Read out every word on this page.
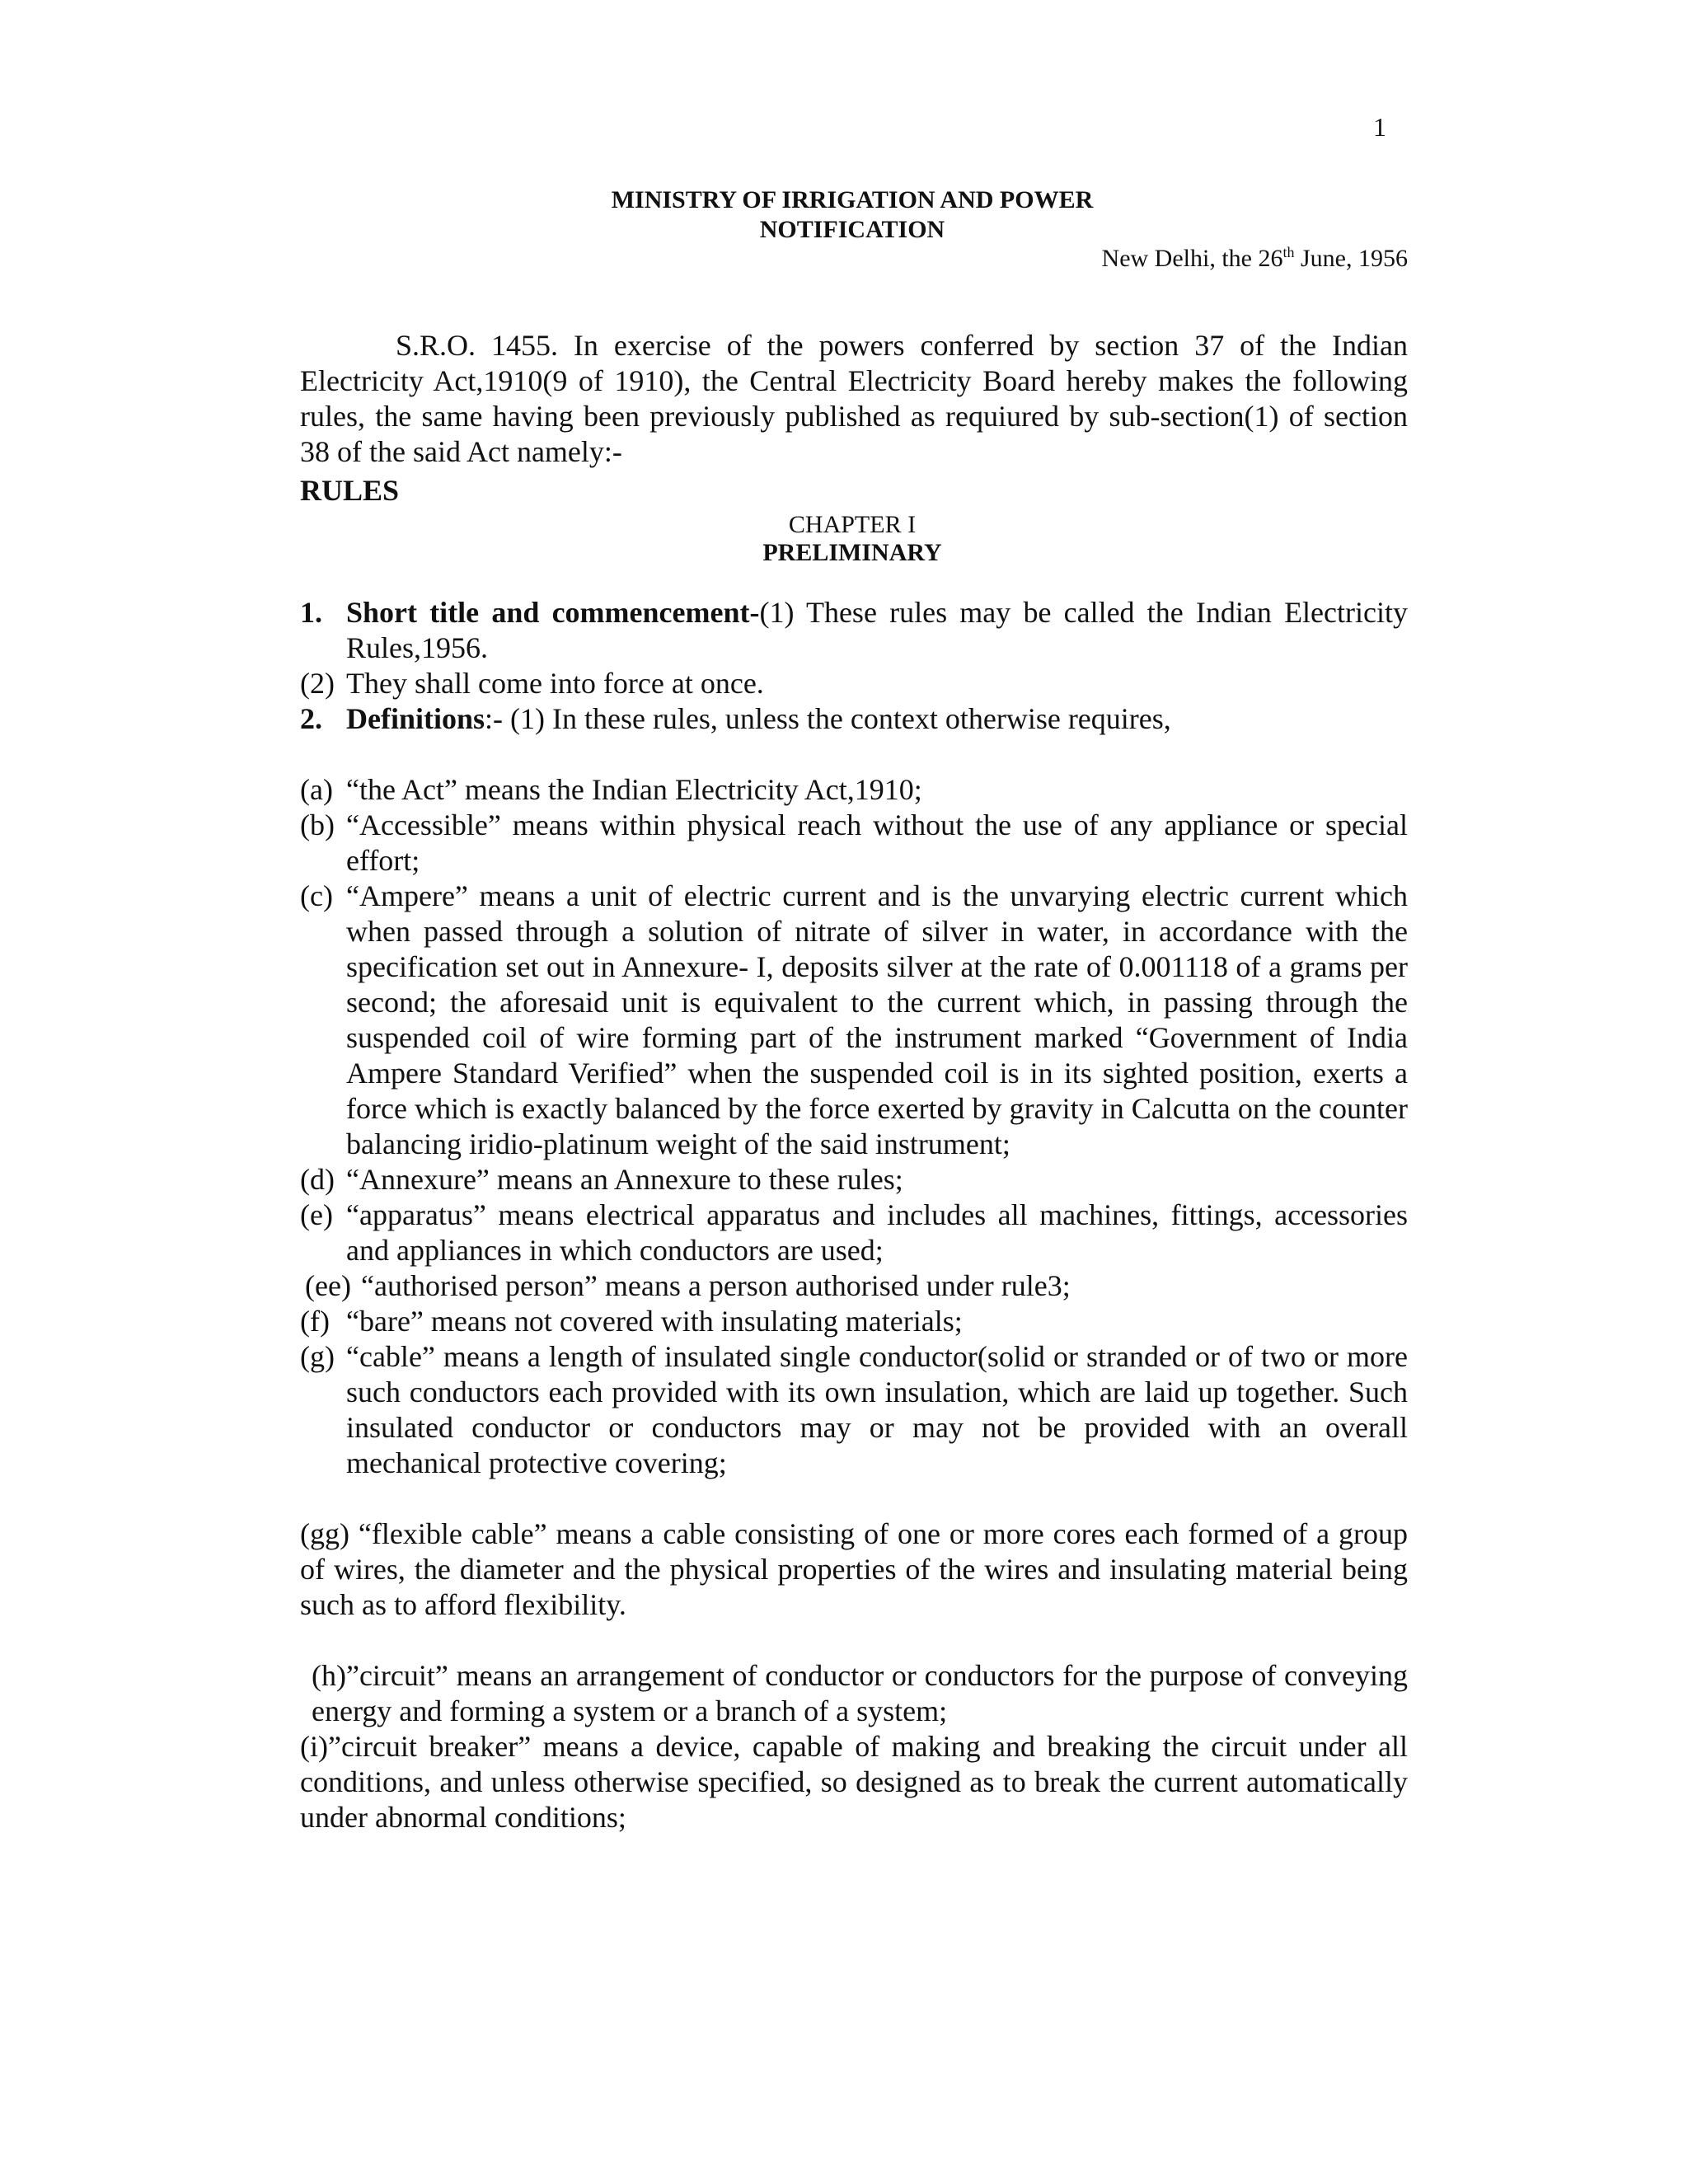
1
MINISTRY OF IRRIGATION AND POWER
NOTIFICATION
New Delhi, the 26th June, 1956
S.R.O. 1455. In exercise of the powers conferred by section 37 of the Indian Electricity Act,1910(9 of 1910), the Central Electricity Board hereby makes the following rules, the same having been previously published as requiured by sub-section(1) of section 38 of the said Act namely:-
RULES
CHAPTER I
PRELIMINARY
1. Short title and commencement-(1) These rules may be called the Indian Electricity Rules,1956.
(2) They shall come into force at once.
2. Definitions:- (1) In these rules, unless the context otherwise requires,
(a) “the Act” means the Indian Electricity Act,1910;
(b) “Accessible” means within physical reach without the use of any appliance or special effort;
(c) “Ampere” means a unit of electric current and is the unvarying electric current which when passed through a solution of nitrate of silver in water, in accordance with the specification set out in Annexure- I, deposits silver at the rate of 0.001118 of a grams per second; the aforesaid unit is equivalent to the current which, in passing through the suspended coil of wire forming part of the instrument marked “Government of India Ampere Standard Verified” when the suspended coil is in its sighted position, exerts a force which is exactly balanced by the force exerted by gravity in Calcutta on the counter balancing iridio-platinum weight of the said instrument;
(d) “Annexure” means an Annexure to these rules;
(e) “apparatus” means electrical apparatus and includes all machines, fittings, accessories and appliances in which conductors are used;
(ee) “authorised person” means a person authorised under rule3;
(f) “bare” means not covered with insulating materials;
(g) “cable” means a length of insulated single conductor(solid or stranded or of two or more such conductors each provided with its own insulation, which are laid up together. Such insulated conductor or conductors may or may not be provided with an overall mechanical protective covering;
(gg) “flexible cable” means a cable consisting of one or more cores each formed of a group of wires, the diameter and the physical properties of the wires and insulating material being such as to afford flexibility.
(h)”circuit” means an arrangement of conductor or conductors for the purpose of conveying energy and forming a system or a branch of a system;
(i)”circuit breaker” means a device, capable of making and breaking the circuit under all conditions, and unless otherwise specified, so designed as to break the current automatically under abnormal conditions;
